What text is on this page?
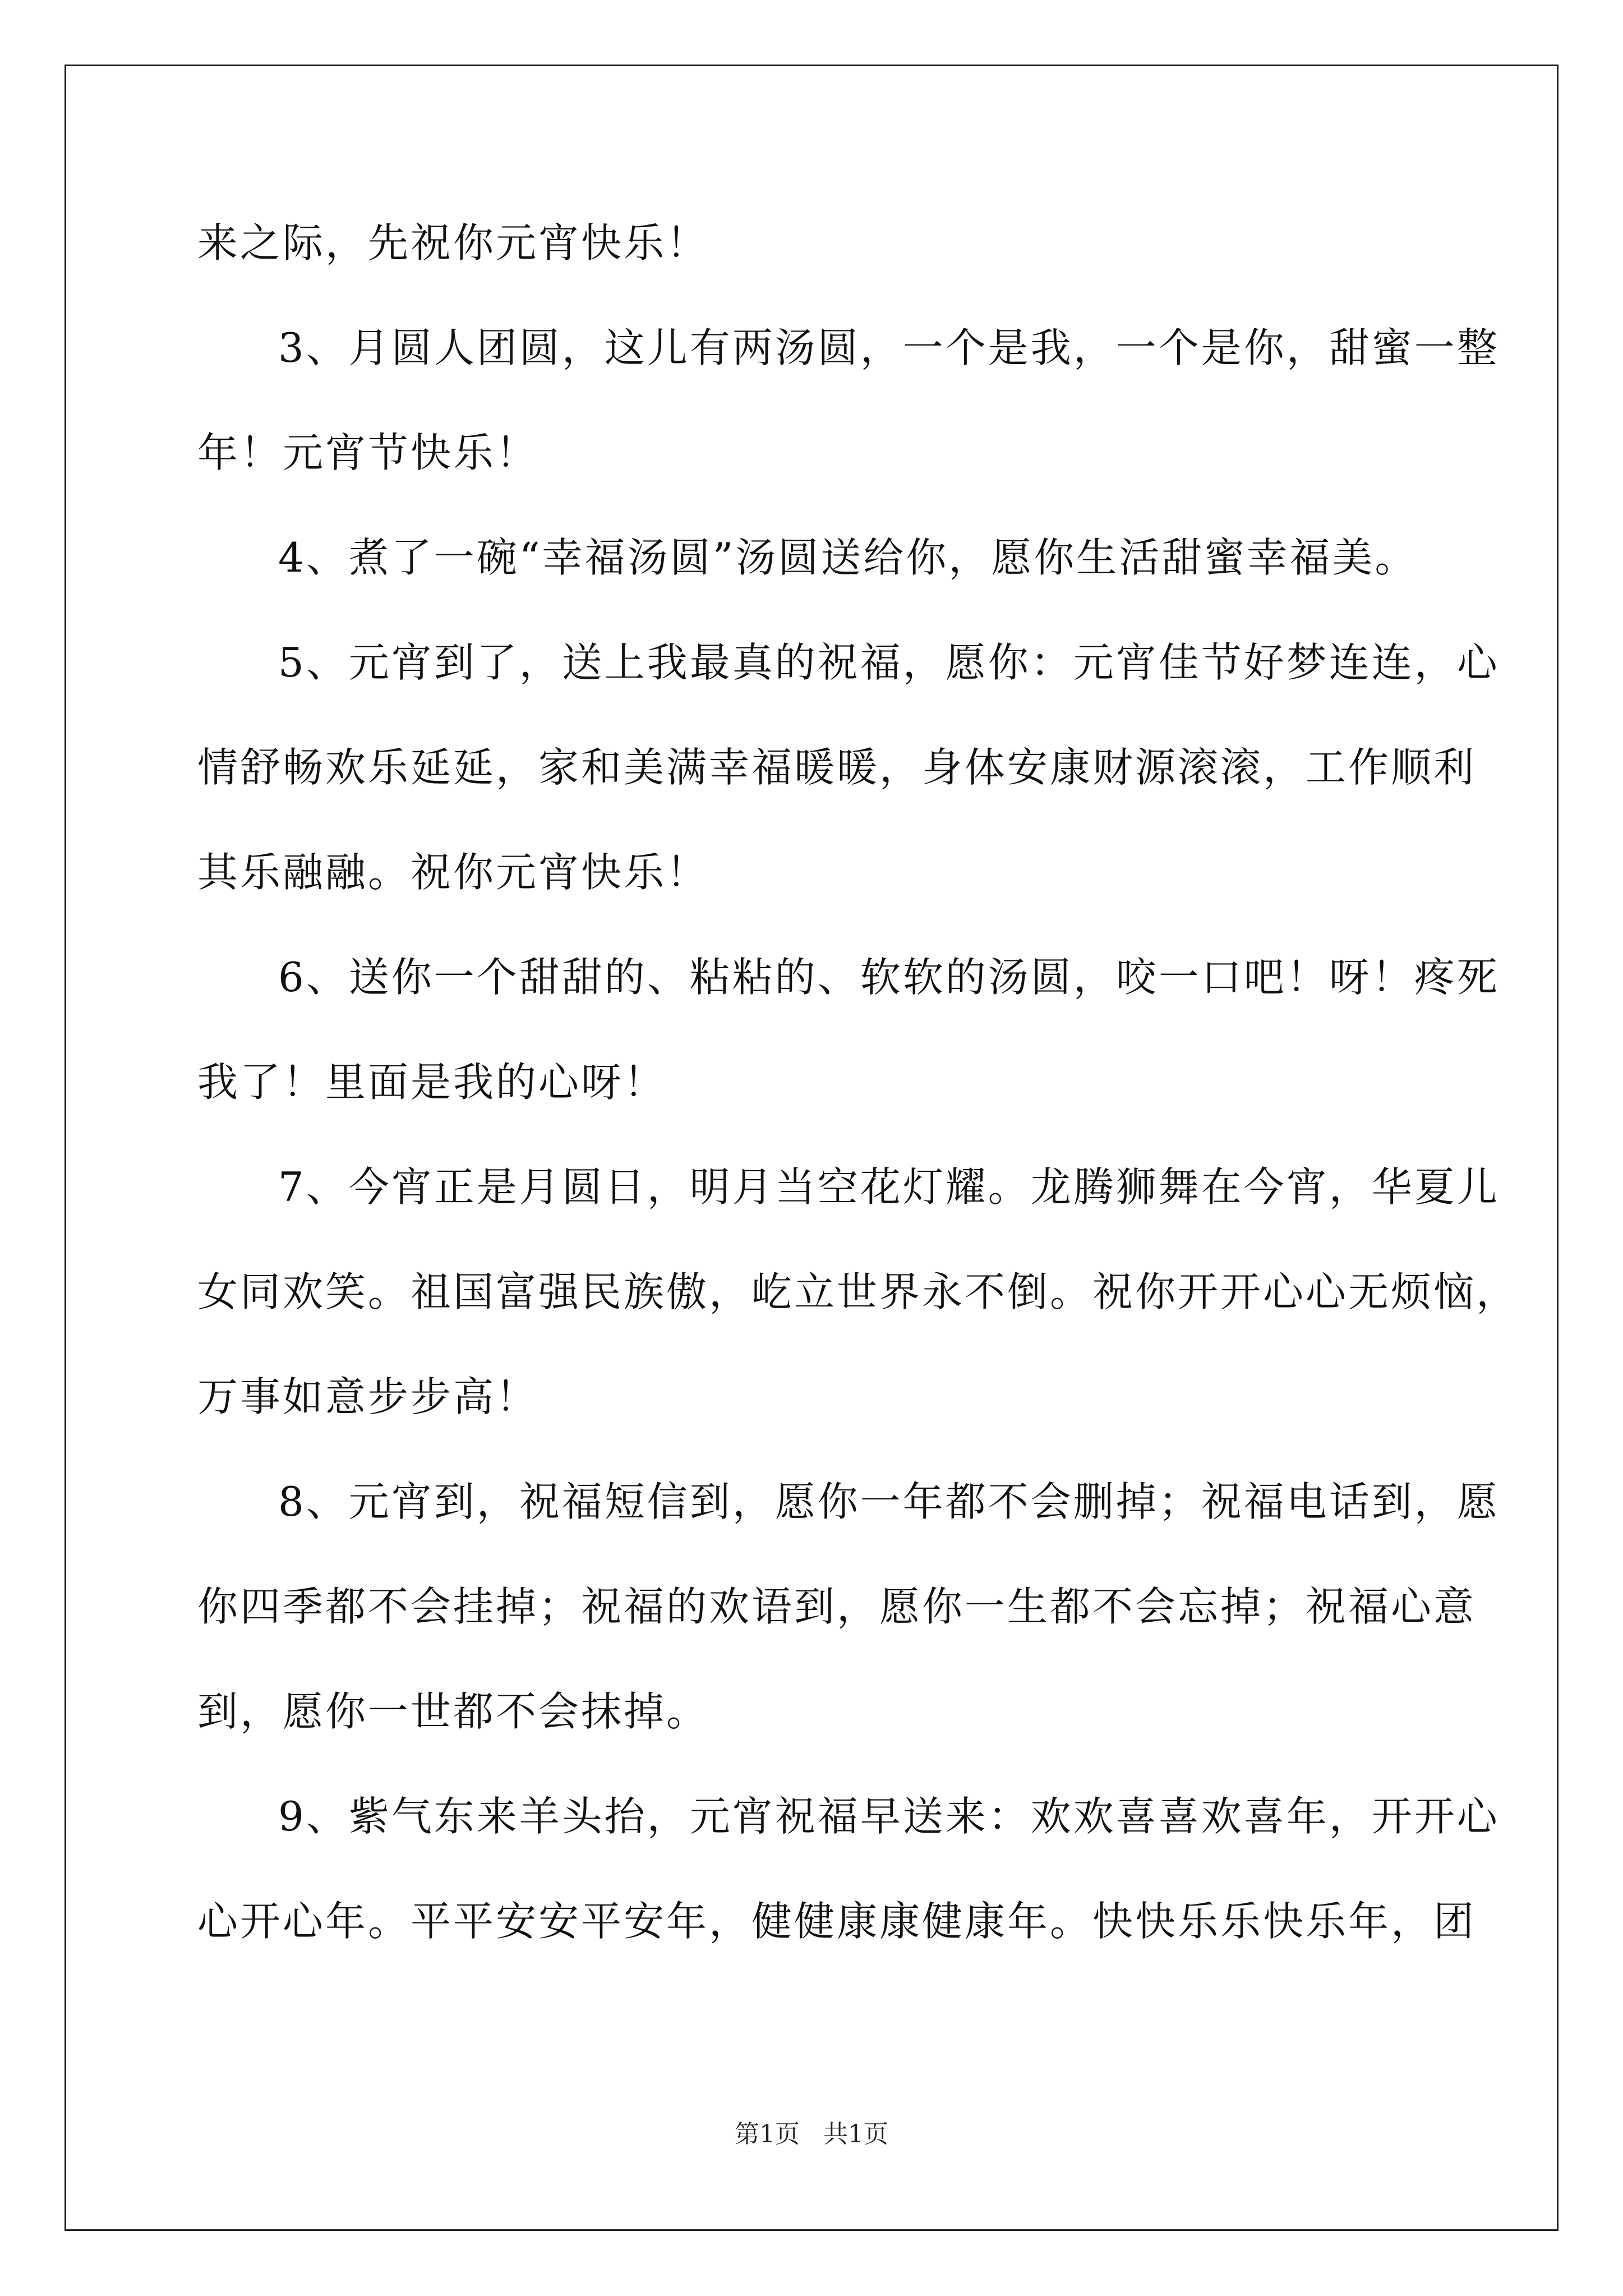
来之际，先祝你元宵快乐！
3、月圆人团圆，这儿有两汤圆，一个是我，一个是你，甜蜜一整
年！元宵节快乐！
4、煮了一碗“幸福汤圆”汤圆送给你，愿你生活甜蜜幸福美。
5、元宵到了，送上我最真的祝福，愿你：元宵佳节好梦连连，心
情舒畅欢乐延延，家和美满幸福暖暖，身体安康财源滚滚，工作顺利
其乐融融。祝你元宵快乐！
6、送你一个甜甜的、粘粘的、软软的汤圆，咬一口吧！呀！疼死
我了！里面是我的心呀！
7、今宵正是月圆日，明月当空花灯耀。龙腾狮舞在今宵，华夏儿
女同欢笑。祖国富强民族傲，屹立世界永不倒。祝你开开心心无烦恼，
万事如意步步高！
8、元宵到，祝福短信到，愿你一年都不会删掉；祝福电话到，愿
你四季都不会挂掉；祝福的欢语到，愿你一生都不会忘掉；祝福心意
到，愿你一世都不会抹掉。
9、紫气东来羊头抬，元宵祝福早送来：欢欢喜喜欢喜年，开开心
心开心年。平平安安平安年，健健康康健康年。快快乐乐快乐年，团
第1页   共1页
